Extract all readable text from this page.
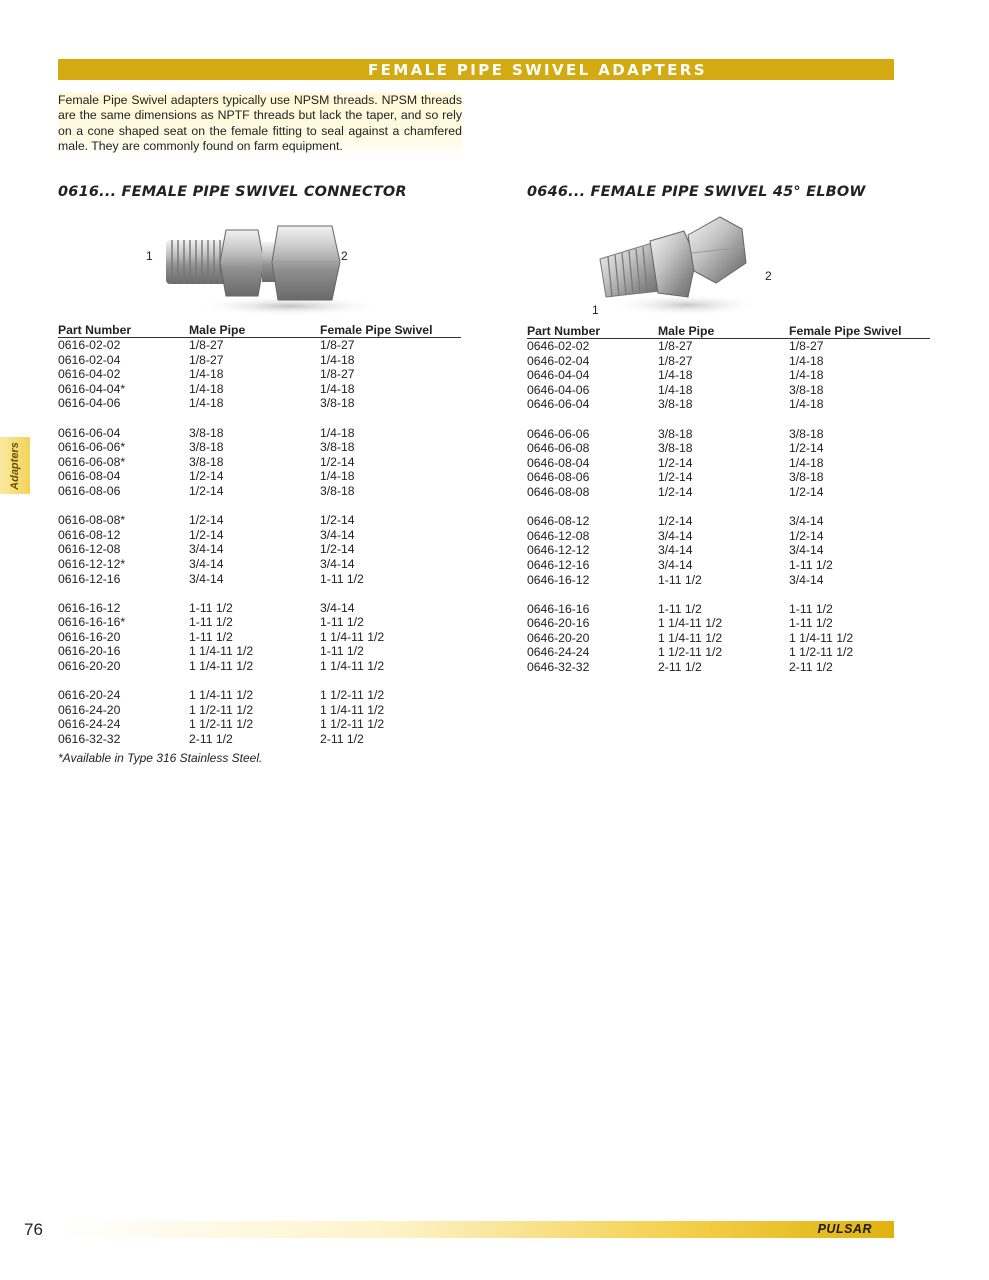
FEMALE PIPE SWIVEL ADAPTERS
Female Pipe Swivel adapters typically use NPSM threads. NPSM threads are the same dimensions as NPTF threads but lack the taper, and so rely on a cone shaped seat on the female fitting to seal against a chamfered male. They are commonly found on farm equipment.
Adapters
0616... FEMALE PIPE SWIVEL CONNECTOR
1	2
Part Number	Male Pipe	Female Pipe Swivel
0616-02-02	1/8-27	1/8-27
0616-02-04	1/8-27	1/4-18
0616-04-02	1/4-18	1/8-27
0616-04-04*	1/4-18	1/4-18
0616-04-06	1/4-18	3/8-18

0616-06-04	3/8-18	1/4-18
0616-06-06*	3/8-18	3/8-18
0616-06-08*	3/8-18	1/2-14
0616-08-04	1/2-14	1/4-18
0616-08-06	1/2-14	3/8-18

0616-08-08*	1/2-14	1/2-14
0616-08-12	1/2-14	3/4-14
0616-12-08	3/4-14	1/2-14
0616-12-12*	3/4-14	3/4-14
0616-12-16	3/4-14	1-11 1/2

0616-16-12	1-11 1/2	3/4-14
0616-16-16*	1-11 1/2	1-11 1/2
0616-16-20	1-11 1/2	1 1/4-11 1/2
0616-20-16	1 1/4-11 1/2	1-11 1/2
0616-20-20	1 1/4-11 1/2	1 1/4-11 1/2

0616-20-24	1 1/4-11 1/2	1 1/2-11 1/2
0616-24-20	1 1/2-11 1/2	1 1/4-11 1/2
0616-24-24	1 1/2-11 1/2	1 1/2-11 1/2
0616-32-32	2-11 1/2	2-11 1/2
*Available in Type 316 Stainless Steel.
0646... FEMALE PIPE SWIVEL 45° ELBOW
1
2
Part Number	Male Pipe	Female Pipe Swivel
0646-02-02	1/8-27	1/8-27
0646-02-04	1/8-27	1/4-18
0646-04-04	1/4-18	1/4-18
0646-04-06	1/4-18	3/8-18
0646-06-04	3/8-18	1/4-18

0646-06-06	3/8-18	3/8-18
0646-06-08	3/8-18	1/2-14
0646-08-04	1/2-14	1/4-18
0646-08-06	1/2-14	3/8-18
0646-08-08	1/2-14	1/2-14

0646-08-12	1/2-14	3/4-14
0646-12-08	3/4-14	1/2-14
0646-12-12	3/4-14	3/4-14
0646-12-16	3/4-14	1-11 1/2
0646-16-12	1-11 1/2	3/4-14

0646-16-16	1-11 1/2	1-11 1/2
0646-20-16	1 1/4-11 1/2	1-11 1/2
0646-20-20	1 1/4-11 1/2	1 1/4-11 1/2
0646-24-24	1 1/2-11 1/2	1 1/2-11 1/2
0646-32-32	2-11 1/2	2-11 1/2
76	PULSAR
